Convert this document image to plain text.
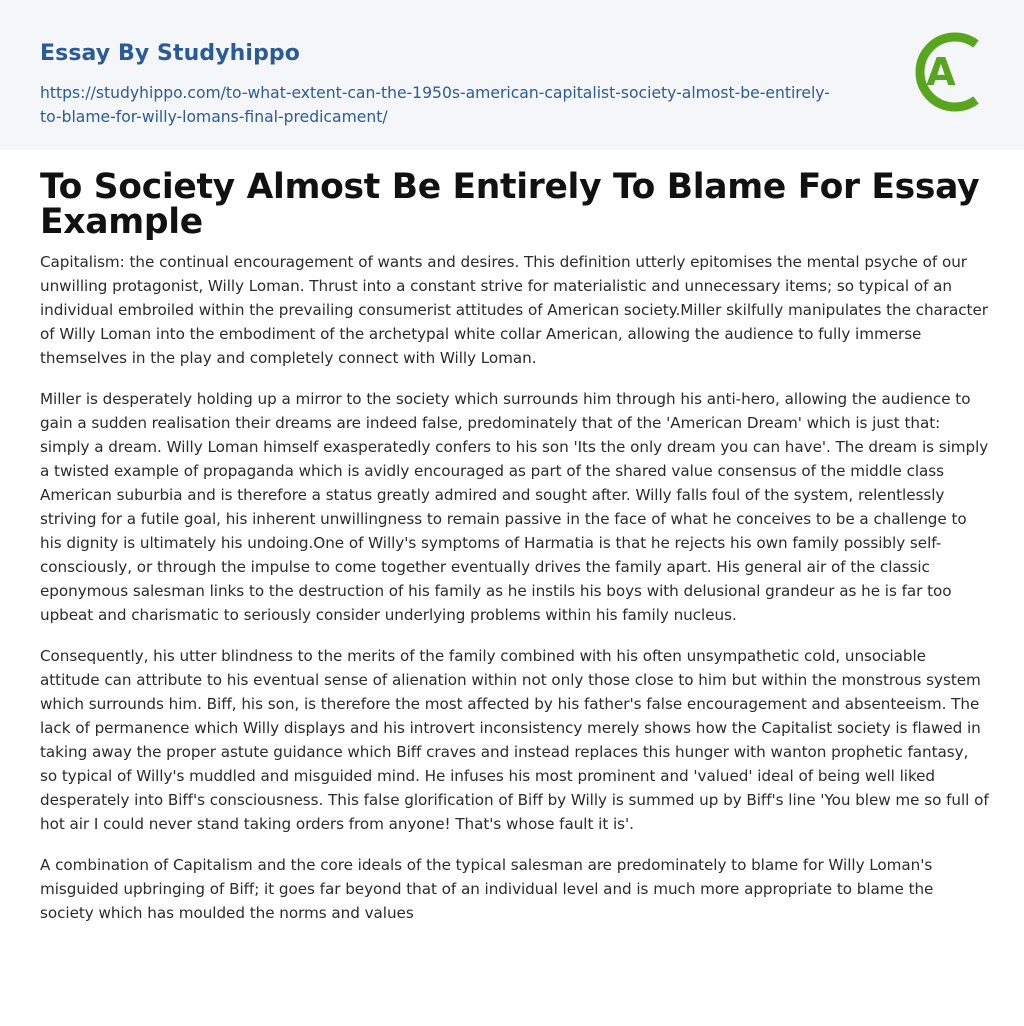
Essay By Studyhippo
https://studyhippo.com/to-what-extent-can-the-1950s-american-capitalist-society-almost-be-entirely-to-blame-for-willy-lomans-final-predicament/
A
To Society Almost Be Entirely To Blame For Essay Example

Capitalism: the continual encouragement of wants and desires. This definition utterly epitomises the mental psyche of our unwilling protagonist, Willy Loman. Thrust into a constant strive for materialistic and unnecessary items; so typical of an individual embroiled within the prevailing consumerist attitudes of American society.Miller skilfully manipulates the character of Willy Loman into the embodiment of the archetypal white collar American, allowing the audience to fully immerse themselves in the play and completely connect with Willy Loman.

Miller is desperately holding up a mirror to the society which surrounds him through his anti-hero, allowing the audience to gain a sudden realisation their dreams are indeed false, predominately that of the 'American Dream' which is just that: simply a dream. Willy Loman himself exasperatedly confers to his son 'Its the only dream you can have'. The dream is simply a twisted example of propaganda which is avidly encouraged as part of the shared value consensus of the middle class American suburbia and is therefore a status greatly admired and sought after. Willy falls foul of the system, relentlessly striving for a futile goal, his inherent unwillingness to remain passive in the face of what he conceives to be a challenge to his dignity is ultimately his undoing.One of Willy's symptoms of Harmatia is that he rejects his own family possibly self-consciously, or through the impulse to come together eventually drives the family apart. His general air of the classic eponymous salesman links to the destruction of his family as he instils his boys with delusional grandeur as he is far too upbeat and charismatic to seriously consider underlying problems within his family nucleus.

Consequently, his utter blindness to the merits of the family combined with his often unsympathetic cold, unsociable attitude can attribute to his eventual sense of alienation within not only those close to him but within the monstrous system which surrounds him. Biff, his son, is therefore the most affected by his father's false encouragement and absenteeism. The lack of permanence which Willy displays and his introvert inconsistency merely shows how the Capitalist society is flawed in taking away the proper astute guidance which Biff craves and instead replaces this hunger with wanton prophetic fantasy, so typical of Willy's muddled and misguided mind. He infuses his most prominent and 'valued' ideal of being well liked desperately into Biff's consciousness. This false glorification of Biff by Willy is summed up by Biff's line 'You blew me so full of hot air I could never stand taking orders from anyone! That's whose fault it is'.

A combination of Capitalism and the core ideals of the typical salesman are predominately to blame for Willy Loman's misguided upbringing of Biff; it goes far beyond that of an individual level and is much more appropriate to blame the society which has moulded the norms and values
